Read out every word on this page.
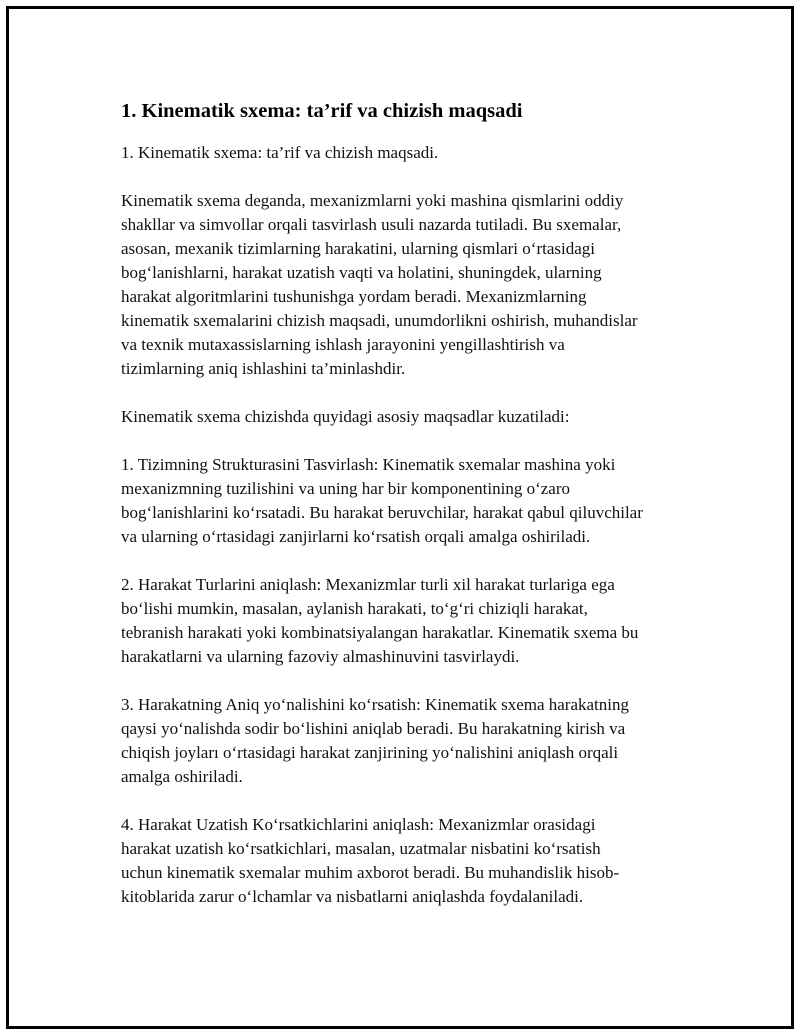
1. Kinematik sxema: ta’rif va chizish maqsadi

1. Kinematik sxema: ta’rif va chizish maqsadi.

Kinematik sxema deganda, mexanizmlarni yoki mashina qismlarini oddiy
shakllar va simvollar orqali tasvirlash usuli nazarda tutiladi. Bu sxemalar,
asosan, mexanik tizimlarning harakatini, ularning qismlari o‘rtasidagi
bog‘lanishlarni, harakat uzatish vaqti va holatini, shuningdek, ularning
harakat algoritmlarini tushunishga yordam beradi. Mexanizmlarning
kinematik sxemalarini chizish maqsadi, unumdorlikni oshirish, muhandislar
va texnik mutaxassislarning ishlash jarayonini yengillashtirish va
tizimlarning aniq ishlashini ta’minlashdir.

Kinematik sxema chizishda quyidagi asosiy maqsadlar kuzatiladi:

1. Tizimning Strukturasini Tasvirlash: Kinematik sxemalar mashina yoki
mexanizmning tuzilishini va uning har bir komponentining o‘zaro
bog‘lanishlarini ko‘rsatadi. Bu harakat beruvchilar, harakat qabul qiluvchilar
va ularning o‘rtasidagi zanjirlarni ko‘rsatish orqali amalga oshiriladi.

2. Harakat Turlarini aniqlash: Mexanizmlar turli xil harakat turlariga ega
bo‘lishi mumkin, masalan, aylanish harakati, to‘g‘ri chiziqli harakat,
tebranish harakati yoki kombinatsiyalangan harakatlar. Kinematik sxema bu
harakatlarni va ularning fazoviy almashinuvini tasvirlaydi.

3. Harakatning Aniq yo‘nalishini ko‘rsatish: Kinematik sxema harakatning
qaysi yo‘nalishda sodir bo‘lishini aniqlab beradi. Bu harakatning kirish va
chiqish joyları o‘rtasidagi harakat zanjirining yo‘nalishini aniqlash orqali
amalga oshiriladi.

4. Harakat Uzatish Ko‘rsatkichlarini aniqlash: Mexanizmlar orasidagi
harakat uzatish ko‘rsatkichlari, masalan, uzatmalar nisbatini ko‘rsatish
uchun kinematik sxemalar muhim axborot beradi. Bu muhandislik hisob-
kitoblarida zarur o‘lchamlar va nisbatlarni aniqlashda foydalaniladi.
